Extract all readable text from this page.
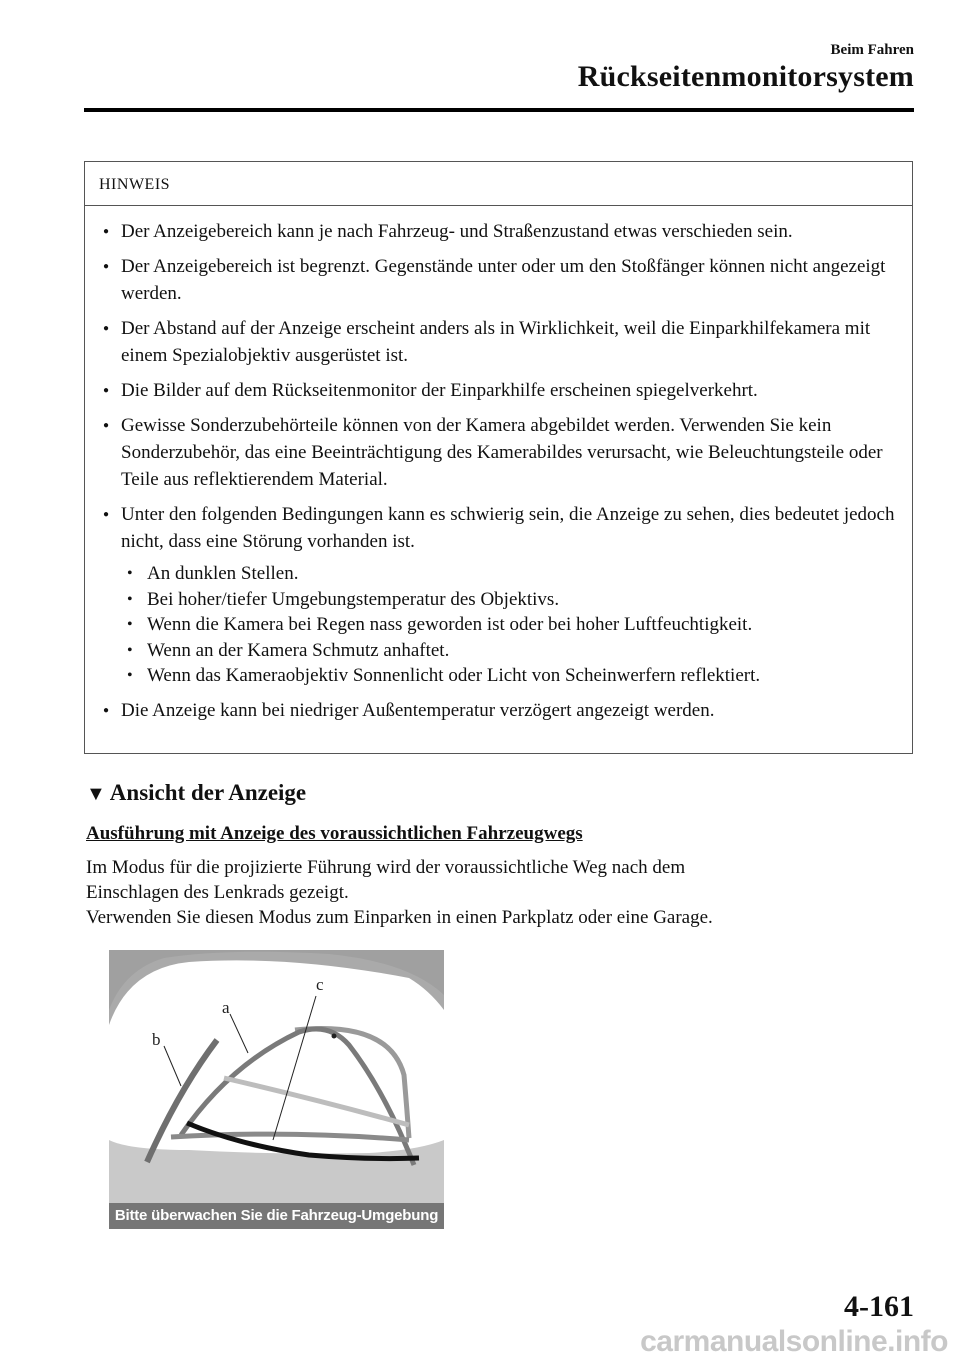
Beim Fahren
Rückseitenmonitorsystem
HINWEIS
● Der Anzeigebereich kann je nach Fahrzeug- und Straßenzustand etwas verschieden sein.
● Der Anzeigebereich ist begrenzt. Gegenstände unter oder um den Stoßfänger können nicht angezeigt werden.
● Der Abstand auf der Anzeige erscheint anders als in Wirklichkeit, weil die Einparkhilfekamera mit einem Spezialobjektiv ausgerüstet ist.
● Die Bilder auf dem Rückseitenmonitor der Einparkhilfe erscheinen spiegelverkehrt.
● Gewisse Sonderzubehörteile können von der Kamera abgebildet werden. Verwenden Sie kein Sonderzubehör, das eine Beeinträchtigung des Kamerabildes verursacht, wie Beleuchtungsteile oder Teile aus reflektierendem Material.
● Unter den folgenden Bedingungen kann es schwierig sein, die Anzeige zu sehen, dies bedeutet jedoch nicht, dass eine Störung vorhanden ist.
• An dunklen Stellen.
• Bei hoher/tiefer Umgebungstemperatur des Objektivs.
• Wenn die Kamera bei Regen nass geworden ist oder bei hoher Luftfeuchtigkeit.
• Wenn an der Kamera Schmutz anhaftet.
• Wenn das Kameraobjektiv Sonnenlicht oder Licht von Scheinwerfern reflektiert.
● Die Anzeige kann bei niedriger Außentemperatur verzögert angezeigt werden.
▼ Ansicht der Anzeige
Ausführung mit Anzeige des voraussichtlichen Fahrzeugwegs

Im Modus für die projizierte Führung wird der voraussichtliche Weg nach dem

Einschlagen des Lenkrads gezeigt.

Verwenden Sie diesen Modus zum Einparken in einen Parkplatz oder eine Garage.

b
a
c
Bitte überwachen Sie die Fahrzeug-Umgebung
4-161
carmanualsonline.info
